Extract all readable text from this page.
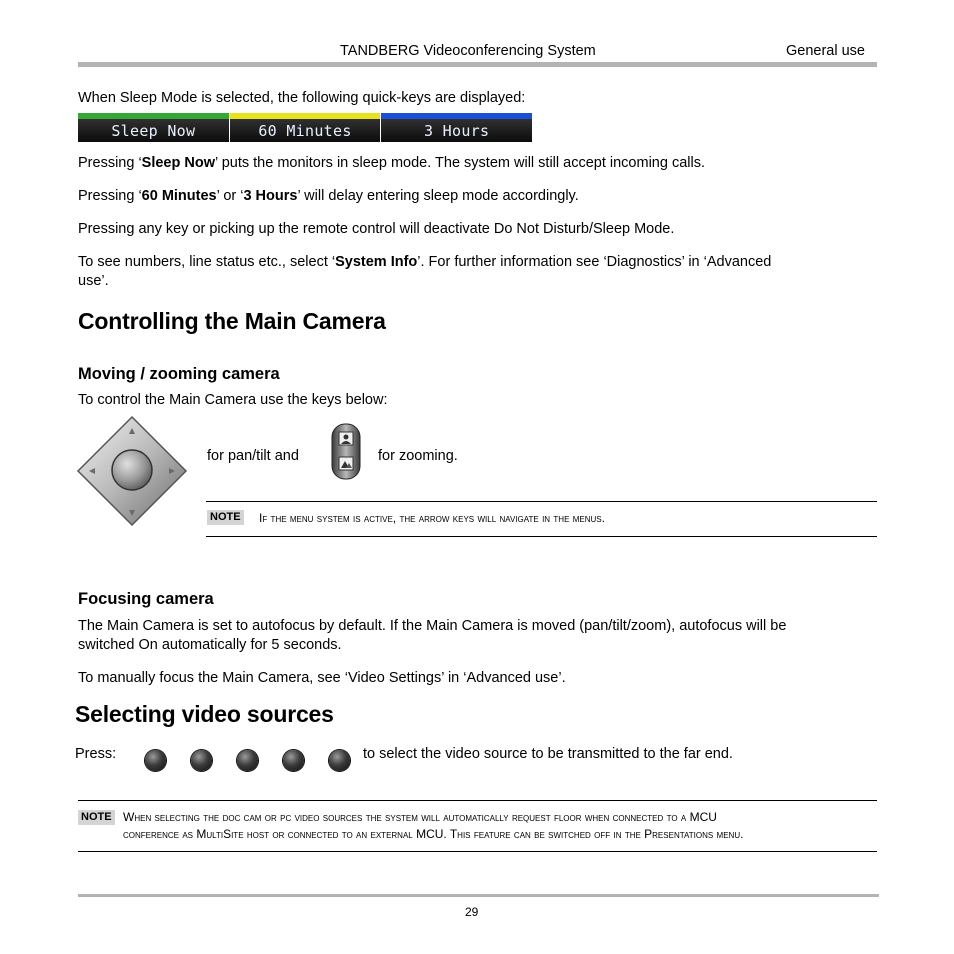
TANDBERG Videoconferencing System	General use
When Sleep Mode is selected, the following quick-keys are displayed:
Sleep Now	60 Minutes	3 Hours
Pressing ‘Sleep Now’ puts the monitors in sleep mode. The system will still accept incoming calls.
Pressing ‘60 Minutes’ or ‘3 Hours’ will delay entering sleep mode accordingly.
Pressing any key or picking up the remote control will deactivate Do Not Disturb/Sleep Mode.
To see numbers, line status etc., select ‘System Info’. For further information see ‘Diagnostics’ in ‘Advanced
use’.
Controlling the Main Camera
Moving / zooming camera
To control the Main Camera use the keys below:
for pan/tilt and	for zooming.
NOTE If the menu system is active, the arrow keys will navigate in the menus.
Focusing camera
The Main Camera is set to autofocus by default. If the Main Camera is moved (pan/tilt/zoom), autofocus will be
switched On automatically for 5 seconds.
To manually focus the Main Camera, see ‘Video Settings’ in ‘Advanced use’.
Selecting video sources
Press:	to select the video source to be transmitted to the far end.
NOTE When selecting the doc cam or pc video sources the system will automatically request floor when connected to a MCU
conference as MultiSite host or connected to an external MCU. This feature can be switched off in the Presentations menu.
29
